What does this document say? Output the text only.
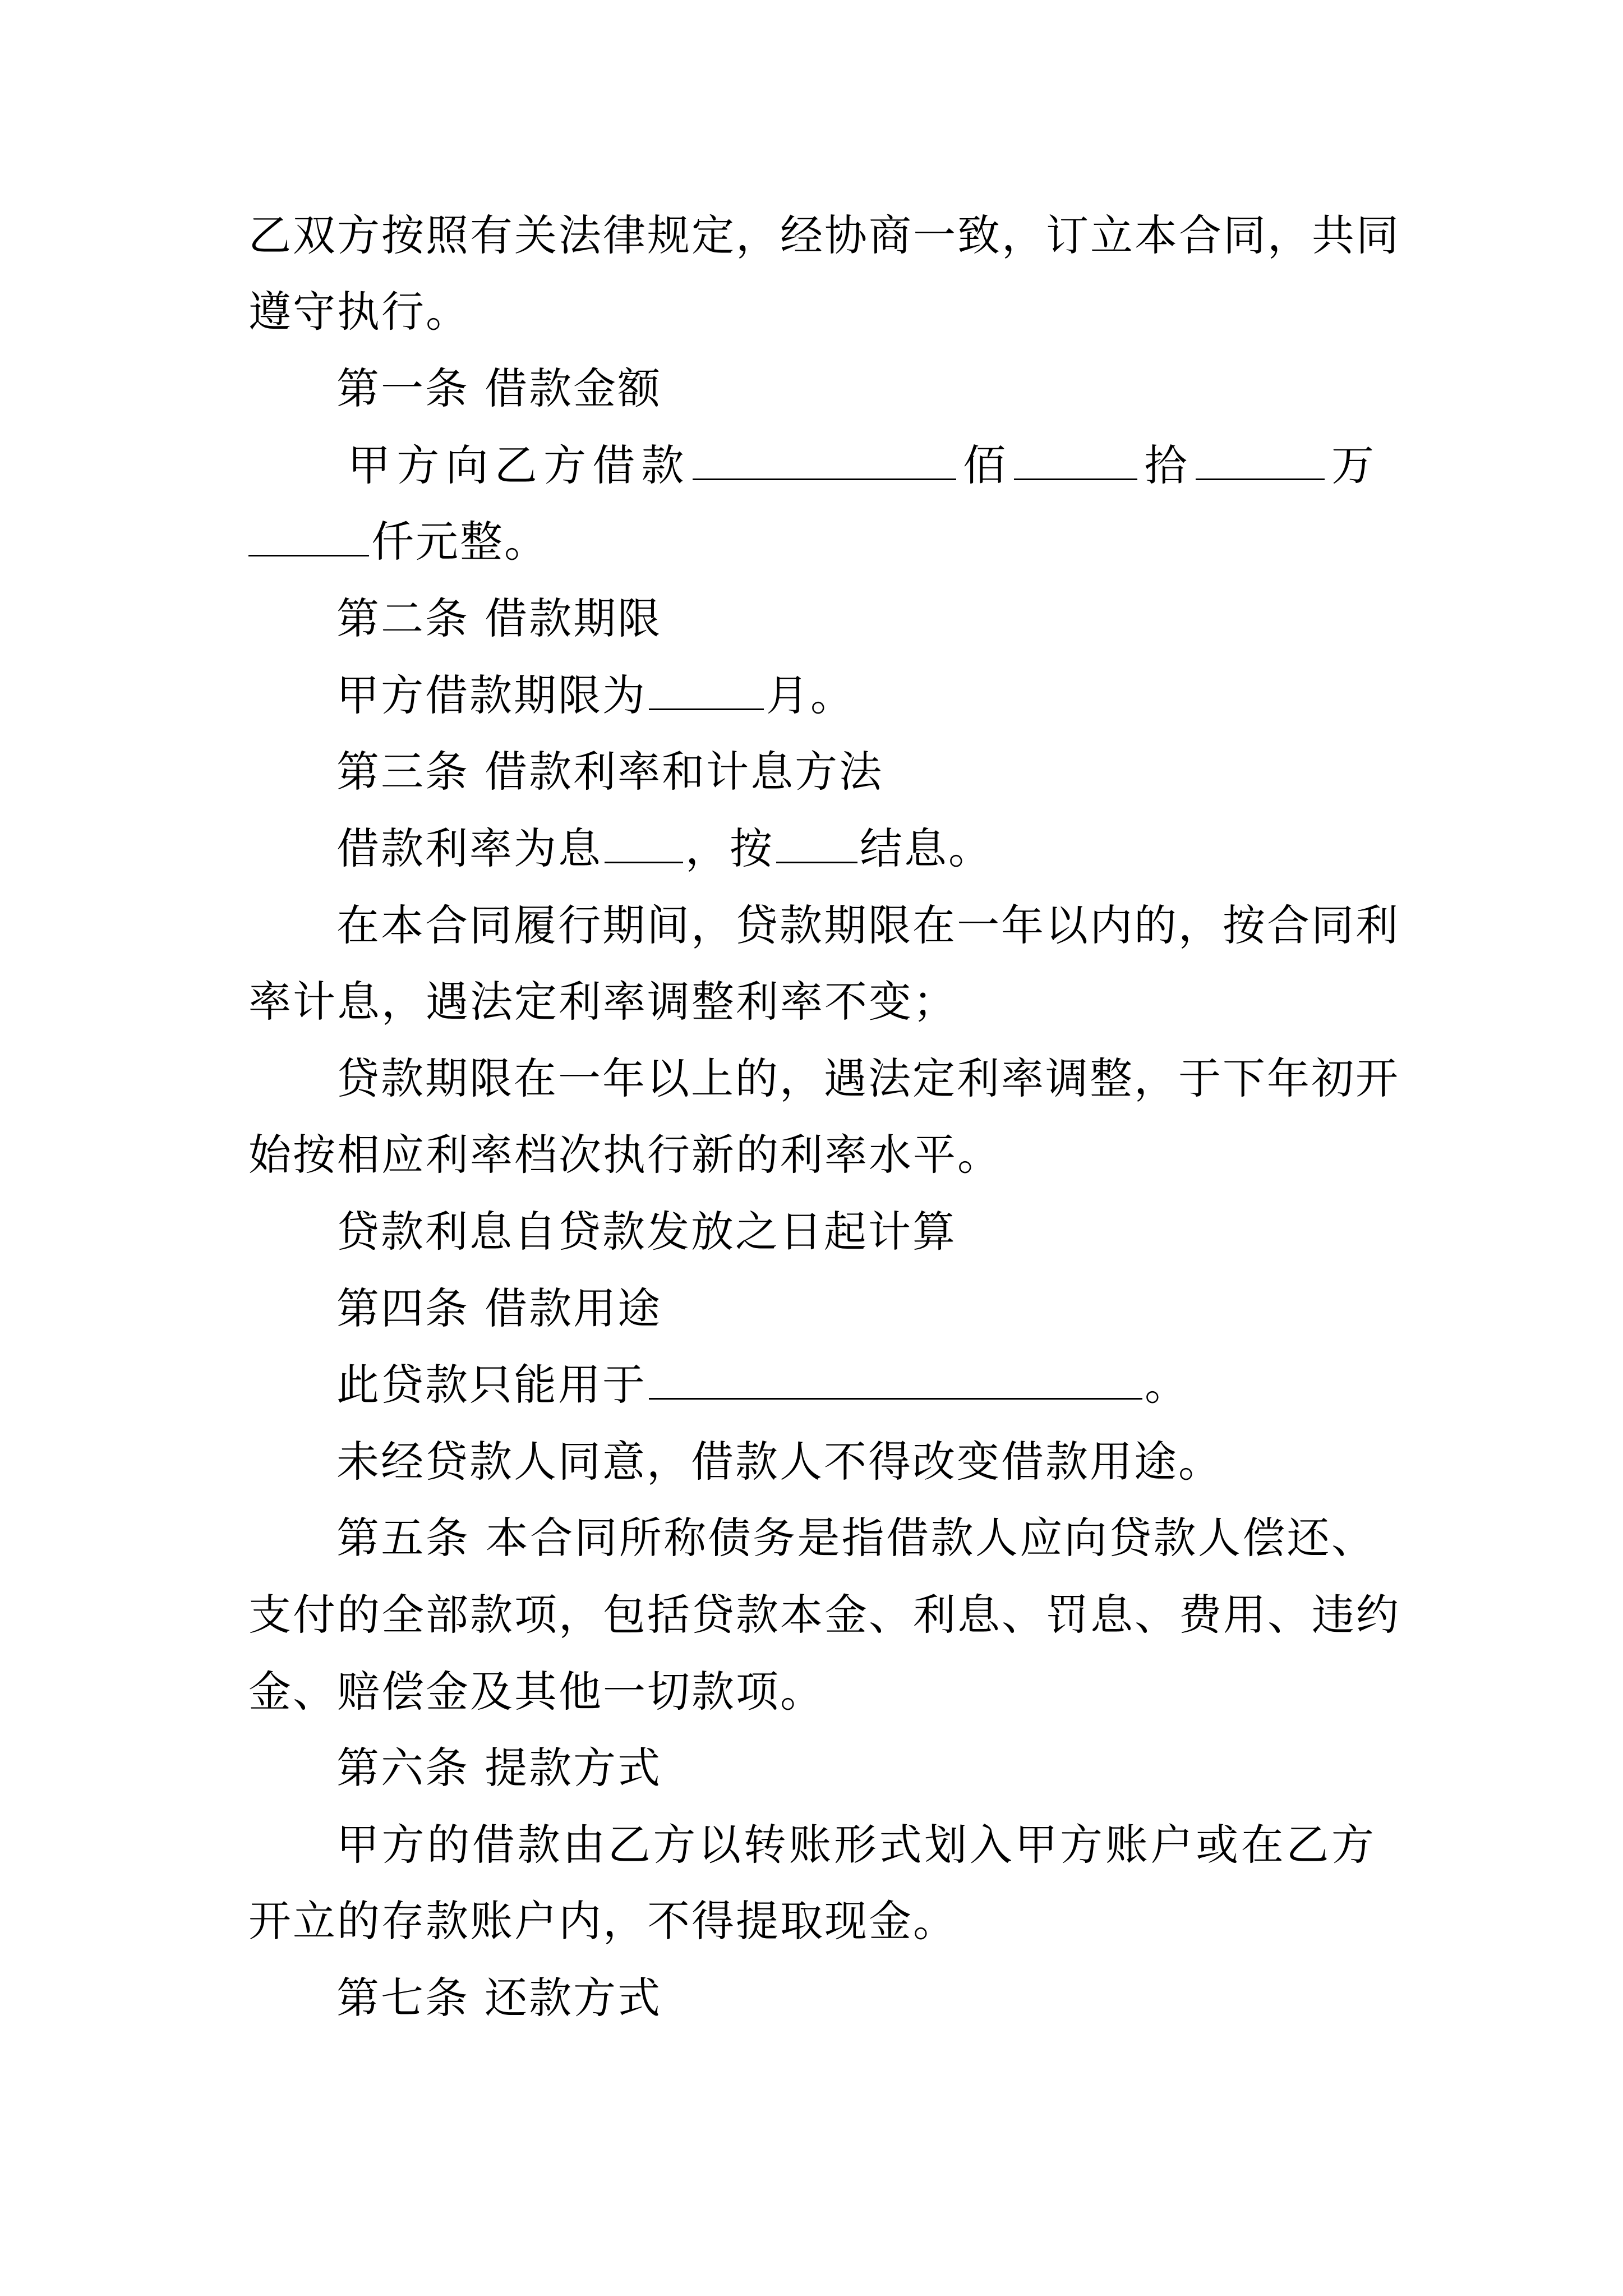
乙双方按照有关法律规定，经协商一致，订立本合同，共同
遵守执行。
第一条 借款金额
甲方向乙方借款	佰	拾	万
仟元整。
第二条 借款期限
甲方借款期限为	月。
第三条 借款利率和计息方法
借款利率为息 ，按 结息。
在本合同履行期间，贷款期限在一年以内的，按合同利
率计息，遇法定利率调整利率不变；
贷款期限在一年以上的，遇法定利率调整，于下年初开
始按相应利率档次执行新的利率水平。
贷款利息自贷款发放之日起计算
第四条 借款用途
此贷款只能用于	。
未经贷款人同意，借款人不得改变借款用途。
第五条 本合同所称债务是指借款人应向贷款人偿还、
支付的全部款项，包括贷款本金、利息、罚息、费用、违约
金、赔偿金及其他一切款项。
第六条 提款方式
甲方的借款由乙方以转账形式划入甲方账户或在乙方
开立的存款账户内，不得提取现金。
第七条 还款方式
